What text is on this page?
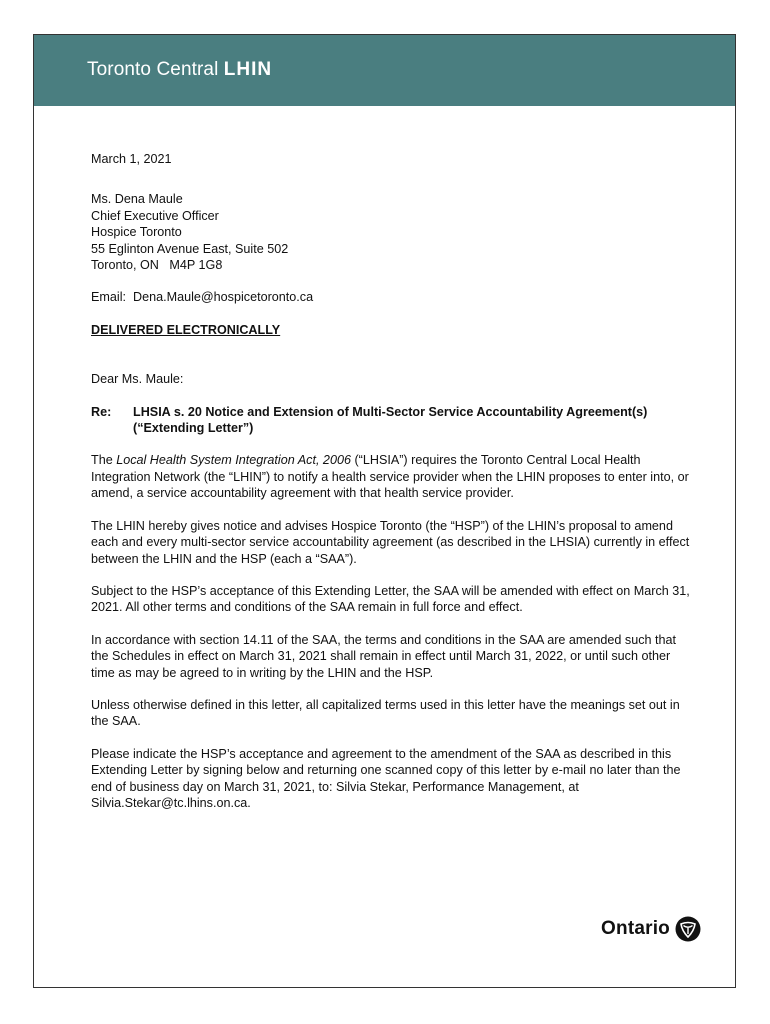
Toronto Central LHIN

March 1, 2021

Ms. Dena Maule
Chief Executive Officer
Hospice Toronto
55 Eglinton Avenue East, Suite 502
Toronto, ON   M4P 1G8

Email:  Dena.Maule@hospicetoronto.ca

DELIVERED ELECTRONICALLY

Dear Ms. Maule:

Re:	LHSIA s. 20 Notice and Extension of Multi-Sector Service Accountability Agreement(s) (“Extending Letter”)

The Local Health System Integration Act, 2006 (“LHSIA”) requires the Toronto Central Local Health Integration Network (the “LHIN”) to notify a health service provider when the LHIN proposes to enter into, or amend, a service accountability agreement with that health service provider.

The LHIN hereby gives notice and advises Hospice Toronto (the “HSP”) of the LHIN’s proposal to amend each and every multi-sector service accountability agreement (as described in the LHSIA) currently in effect between the LHIN and the HSP (each a “SAA”).

Subject to the HSP’s acceptance of this Extending Letter, the SAA will be amended with effect on March 31, 2021. All other terms and conditions of the SAA remain in full force and effect.

In accordance with section 14.11 of the SAA, the terms and conditions in the SAA are amended such that the Schedules in effect on March 31, 2021 shall remain in effect until March 31, 2022, or until such other time as may be agreed to in writing by the LHIN and the HSP.

Unless otherwise defined in this letter, all capitalized terms used in this letter have the meanings set out in the SAA.

Please indicate the HSP’s acceptance and agreement to the amendment of the SAA as described in this Extending Letter by signing below and returning one scanned copy of this letter by e-mail no later than the end of business day on March 31, 2021, to: Silvia Stekar, Performance Management, at Silvia.Stekar@tc.lhins.on.ca.

Ontario
